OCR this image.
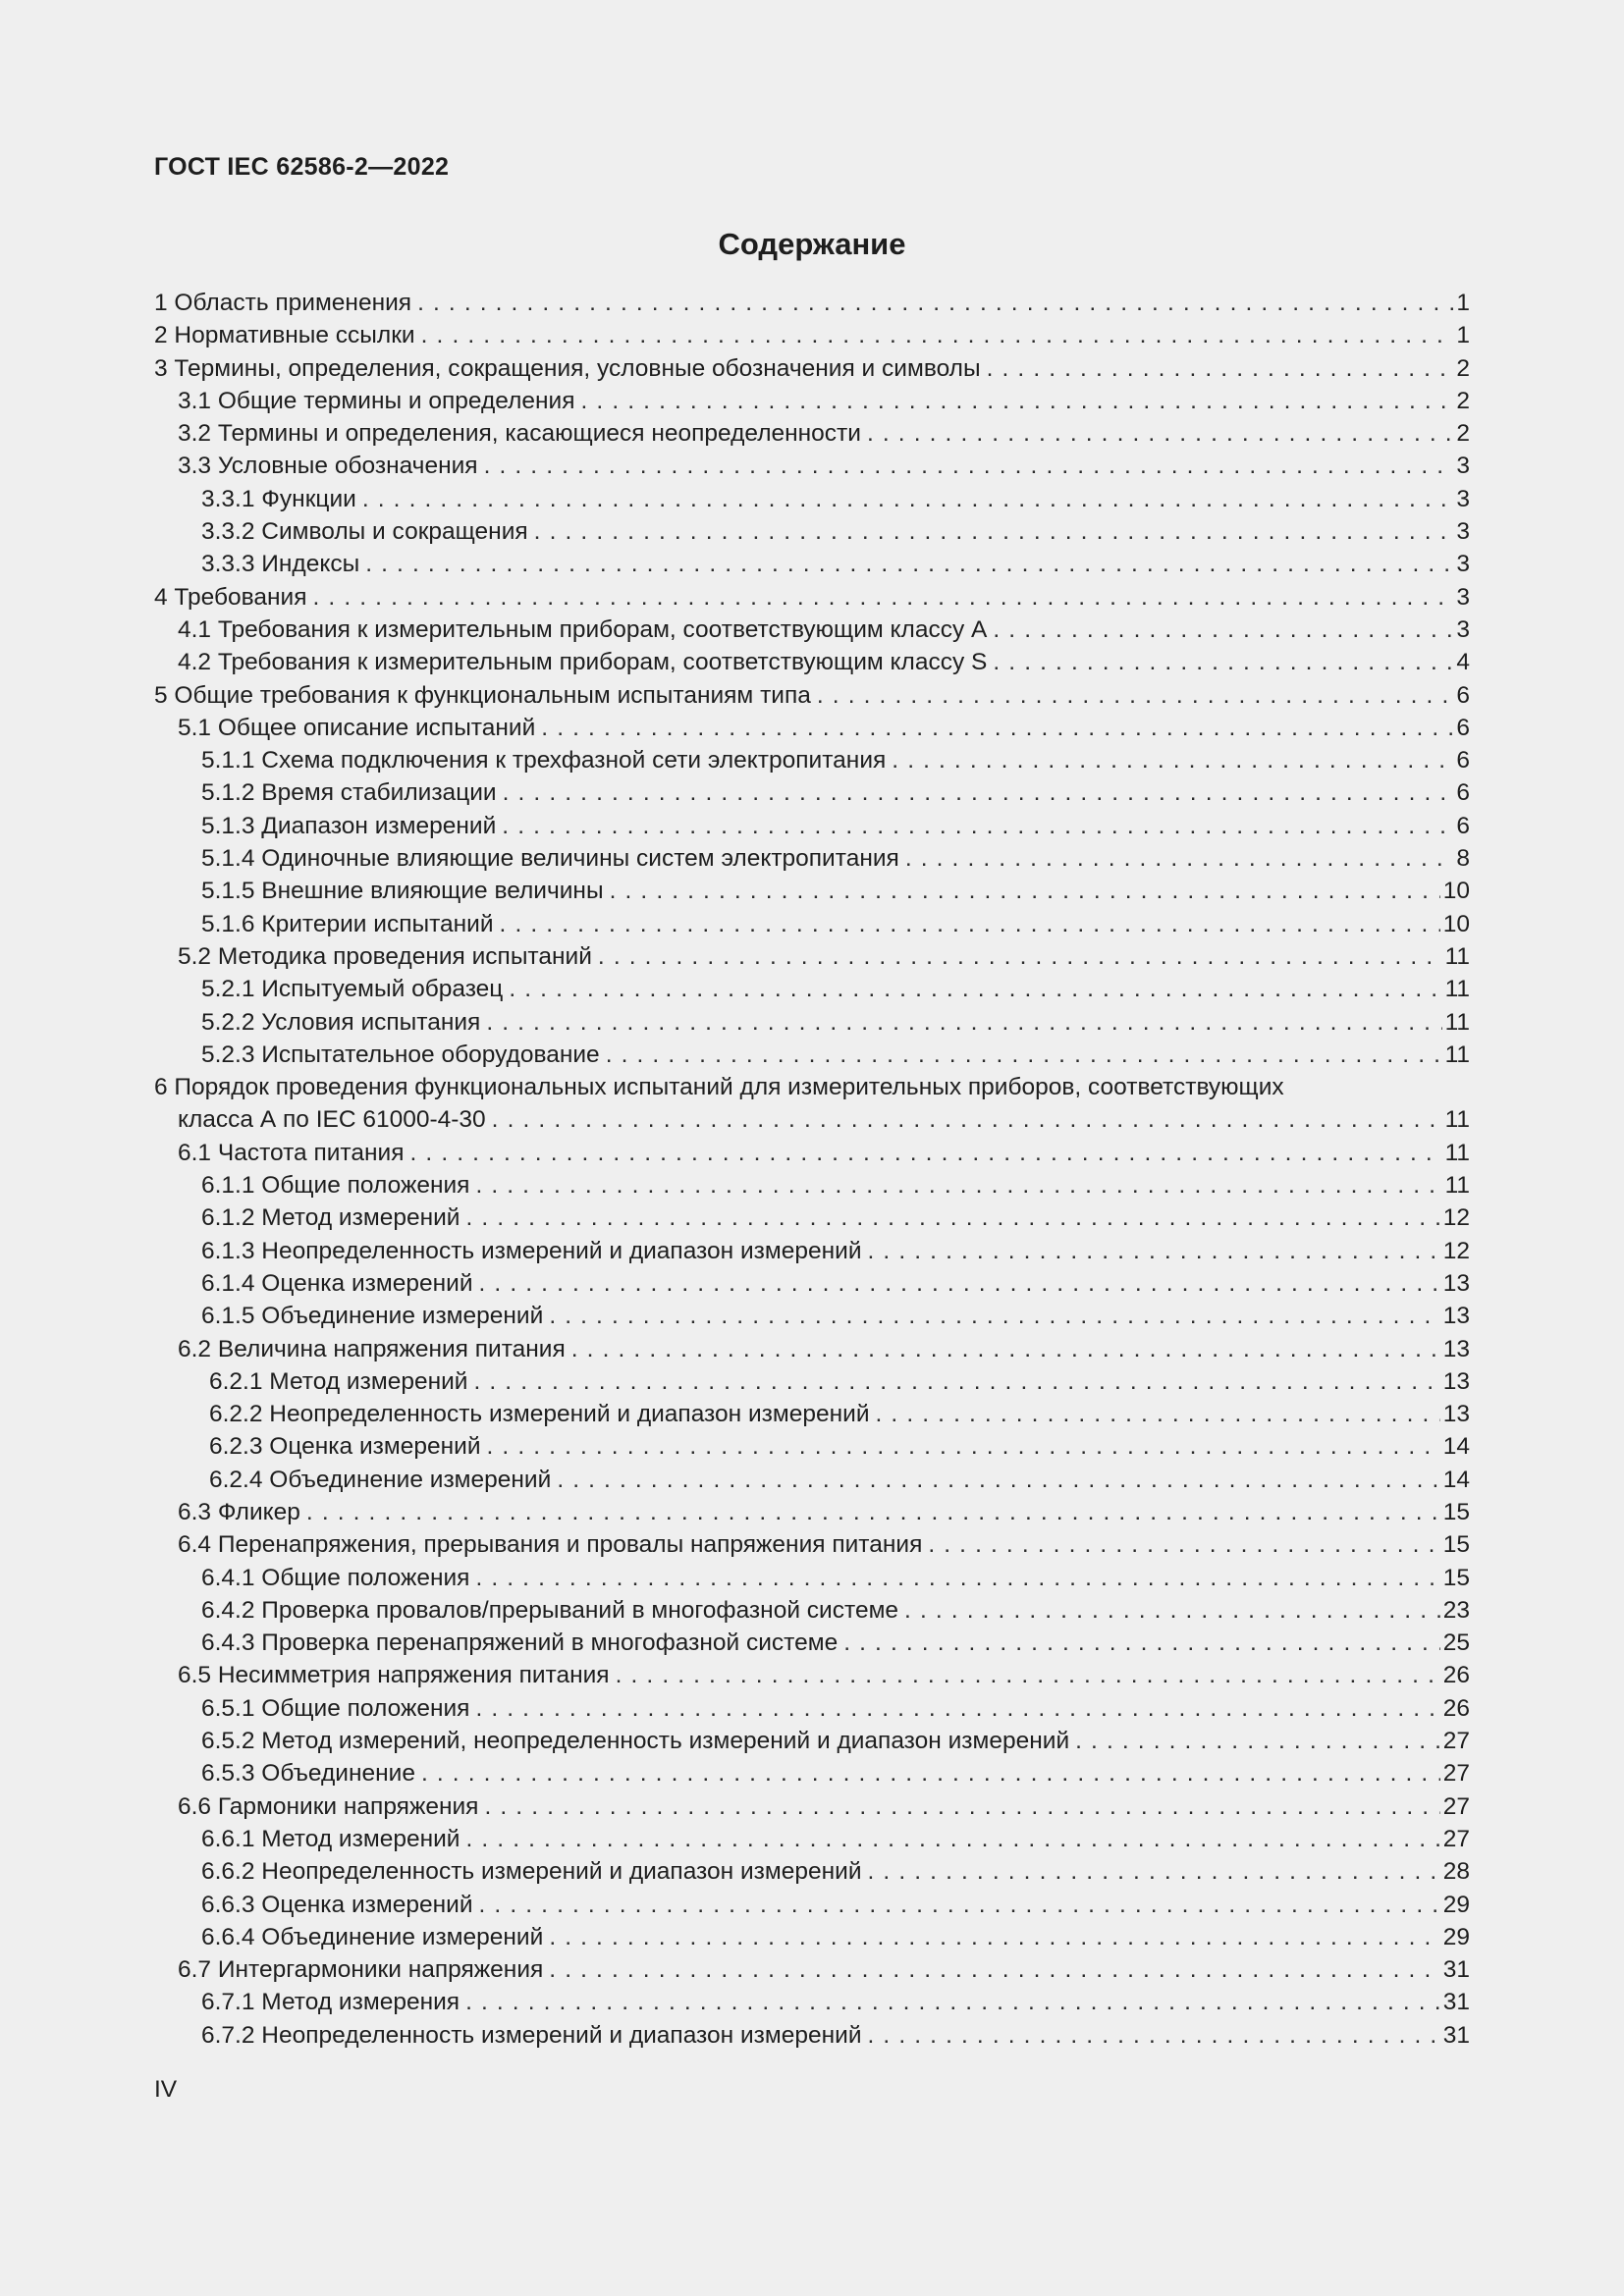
ГОСТ IEC 62586-2—2022
Содержание
1 Область применения . . .	1
2 Нормативные ссылки . . .	1
3 Термины, определения, сокращения, условные обозначения и символы . . .	2
3.1 Общие термины и определения . . .	2
3.2 Термины и определения, касающиеся неопределенности . . .	2
3.3 Условные обозначения . . .	3
3.3.1 Функции . . .	3
3.3.2 Символы и сокращения . . .	3
3.3.3 Индексы . . .	3
4 Требования . . .	3
4.1 Требования к измерительным приборам, соответствующим классу А . . .	3
4.2 Требования к измерительным приборам, соответствующим классу S . . .	4
5 Общие требования к функциональным испытаниям типа . . .	6
5.1 Общее описание испытаний . . .	6
5.1.1 Схема подключения к трехфазной сети электропитания . . .	6
5.1.2 Время стабилизации . . .	6
5.1.3 Диапазон измерений . . .	6
5.1.4 Одиночные влияющие величины систем электропитания . . .	8
5.1.5 Внешние влияющие величины . . .	10
5.1.6 Критерии испытаний . . .	10
5.2 Методика проведения испытаний . . .	11
5.2.1 Испытуемый образец . . .	11
5.2.2 Условия испытания . . .	11
5.2.3 Испытательное оборудование . . .	11
6 Порядок проведения функциональных испытаний для измерительных приборов, соответствующих
класса А по IEC 61000-4-30 . . .	11
6.1 Частота питания . . .	11
6.1.1 Общие положения . . .	11
6.1.2 Метод измерений . . .	12
6.1.3 Неопределенность измерений и диапазон измерений . . .	12
6.1.4 Оценка измерений . . .	13
6.1.5 Объединение измерений . . .	13
6.2 Величина напряжения питания . . .	13
6.2.1 Метод измерений . . .	13
6.2.2 Неопределенность измерений и диапазон измерений . . .	13
6.2.3 Оценка измерений . . .	14
6.2.4 Объединение измерений . . .	14
6.3 Фликер . . .	15
6.4 Перенапряжения, прерывания и провалы напряжения питания . . .	15
6.4.1 Общие положения . . .	15
6.4.2 Проверка провалов/прерываний в многофазной системе . . .	23
6.4.3 Проверка перенапряжений в многофазной системе . . .	25
6.5 Несимметрия напряжения питания . . .	26
6.5.1 Общие положения . . .	26
6.5.2 Метод измерений, неопределенность измерений и диапазон измерений . . .	27
6.5.3 Объединение . . .	27
6.6 Гармоники напряжения . . .	27
6.6.1 Метод измерений . . .	27
6.6.2 Неопределенность измерений и диапазон измерений . . .	28
6.6.3 Оценка измерений . . .	29
6.6.4 Объединение измерений . . .	29
6.7 Интергармоники напряжения . . .	31
6.7.1 Метод измерения . . .	31
6.7.2 Неопределенность измерений и диапазон измерений . . .	31
IV
